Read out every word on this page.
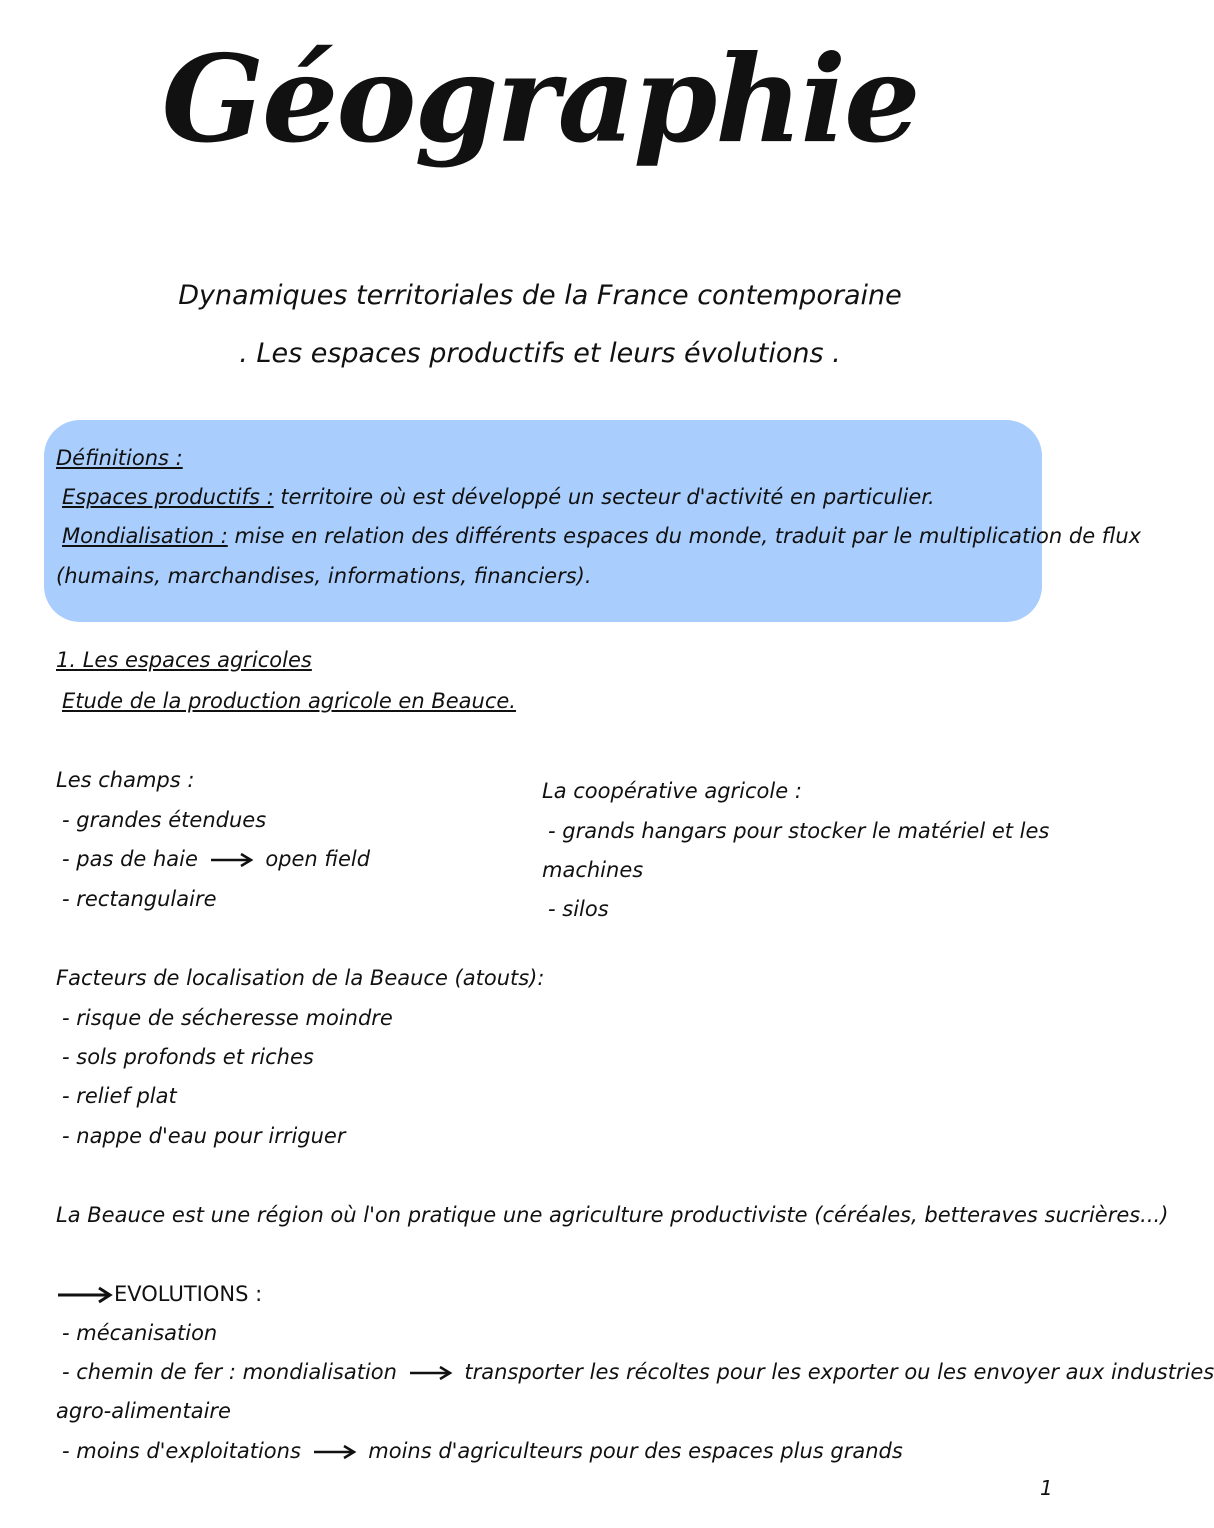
Géographie
Dynamiques territoriales de la France contemporaine
. Les espaces productifs et leurs évolutions .
Définitions :
Espaces productifs : territoire où est développé un secteur d'activité en particulier.
Mondialisation : mise en relation des différents espaces du monde, traduit par le multiplication de flux
(humains, marchandises, informations, financiers).
1. Les espaces agricoles
Etude de la production agricole en Beauce.
Les champs :
- grandes étendues
- pas de haie	open field
- rectangulaire
La coopérative agricole :
- grands hangars pour stocker le matériel et les
machines
- silos
Facteurs de localisation de la Beauce (atouts):
- risque de sécheresse moindre
- sols profonds et riches
- relief plat
- nappe d'eau pour irriguer
La Beauce est une région où l'on pratique une agriculture productiviste (céréales, betteraves sucrières...)
EVOLUTIONS :
- mécanisation
- chemin de fer : mondialisation	transporter les récoltes pour les exporter ou les envoyer aux industries
agro-alimentaire
- moins d'exploitations	moins d'agriculteurs pour des espaces plus grands
1
